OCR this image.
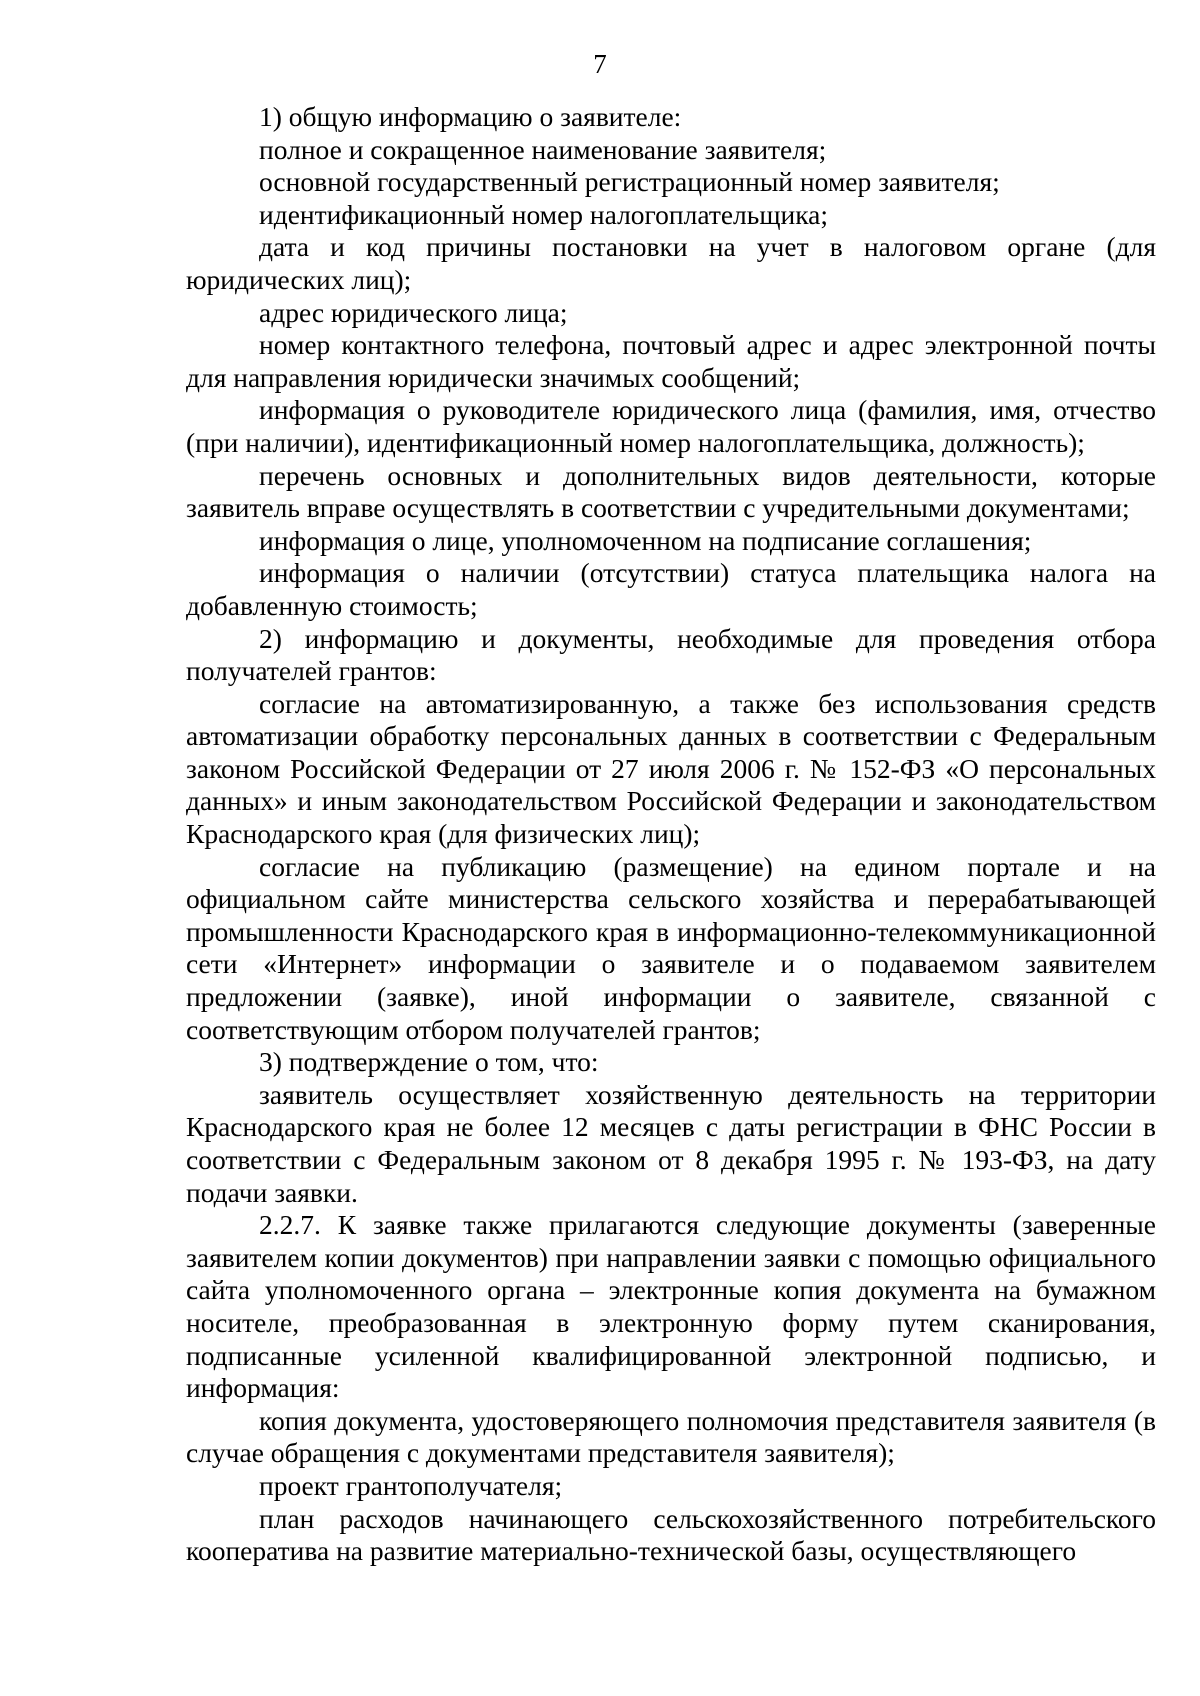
7

1) общую информацию о заявителе:

полное и сокращенное наименование заявителя;

основной государственный регистрационный номер заявителя;

идентификационный номер налогоплательщика;

дата и код причины постановки на учет в налоговом органе (для юридических лиц);

адрес юридического лица;

номер контактного телефона, почтовый адрес и адрес электронной почты для направления юридически значимых сообщений;

информация о руководителе юридического лица (фамилия, имя, отчество (при наличии), идентификационный номер налогоплательщика, должность);

перечень основных и дополнительных видов деятельности, которые заявитель вправе осуществлять в соответствии с учредительными документами;

информация о лице, уполномоченном на подписание соглашения;

информация о наличии (отсутствии) статуса плательщика налога на добавленную стоимость;

2) информацию и документы, необходимые для проведения отбора получателей грантов:

согласие на автоматизированную, а также без использования средств автоматизации обработку персональных данных в соответствии с Федеральным законом Российской Федерации от 27 июля 2006 г. № 152-ФЗ «О персональных данных» и иным законодательством Российской Федерации и законодательством Краснодарского края (для физических лиц);

согласие на публикацию (размещение) на едином портале и на официальном сайте министерства сельского хозяйства и перерабатывающей промышленности Краснодарского края в информационно-телекоммуникационной сети «Интернет» информации о заявителе и о подаваемом заявителем предложении (заявке), иной информации о заявителе, связанной с соответствующим отбором получателей грантов;

3) подтверждение о том, что:

заявитель осуществляет хозяйственную деятельность на территории Краснодарского края не более 12 месяцев с даты регистрации в ФНС России в соответствии с Федеральным законом от 8 декабря 1995 г. № 193-ФЗ, на дату подачи заявки.

2.2.7. К заявке также прилагаются следующие документы (заверенные заявителем копии документов) при направлении заявки с помощью официального сайта уполномоченного органа – электронные копия документа на бумажном носителе, преобразованная в электронную форму путем сканирования, подписанные усиленной квалифицированной электронной подписью, и информация:

копия документа, удостоверяющего полномочия представителя заявителя (в случае обращения с документами представителя заявителя);

проект грантополучателя;

план расходов начинающего сельскохозяйственного потребительского кооператива на развитие материально-технической базы, осуществляющего
